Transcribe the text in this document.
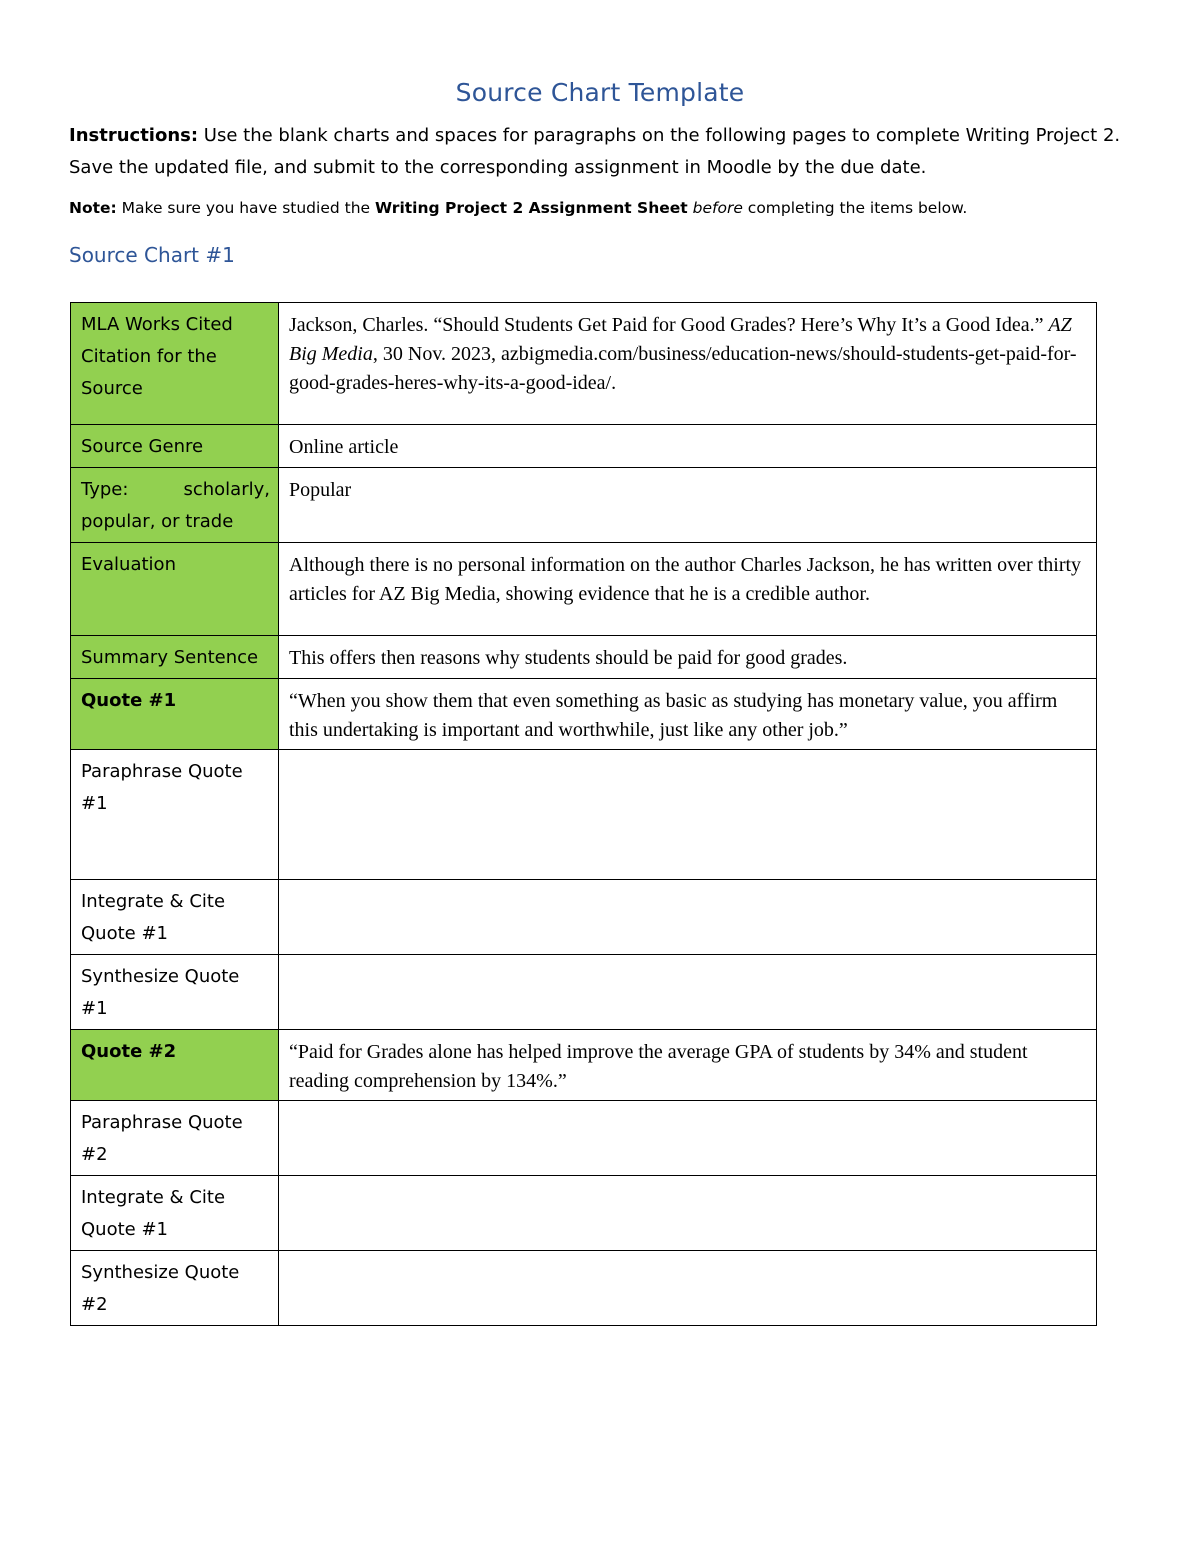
Source Chart Template
Instructions: Use the blank charts and spaces for paragraphs on the following pages to complete Writing Project 2. Save the updated file, and submit to the corresponding assignment in Moodle by the due date.
Note: Make sure you have studied the Writing Project 2 Assignment Sheet before completing the items below.
Source Chart #1
MLA Works Cited Citation for the Source	Jackson, Charles. “Should Students Get Paid for Good Grades? Here’s Why It’s a Good Idea.” AZ Big Media, 30 Nov. 2023, azbigmedia.com/business/education-news/should-students-get-paid-for-good-grades-heres-why-its-a-good-idea/.
Source Genre	Online article
Type: scholarly, popular, or trade	Popular
Evaluation	Although there is no personal information on the author Charles Jackson, he has written over thirty articles for AZ Big Media, showing evidence that he is a credible author.
Summary Sentence	This offers then reasons why students should be paid for good grades.
Quote #1	“When you show them that even something as basic as studying has monetary value, you affirm this undertaking is important and worthwhile, just like any other job.”
Paraphrase Quote #1	
Integrate & Cite Quote #1	
Synthesize Quote #1	
Quote #2	“Paid for Grades alone has helped improve the average GPA of students by 34% and student reading comprehension by 134%.”
Paraphrase Quote #2	
Integrate & Cite Quote #1	
Synthesize Quote #2	
